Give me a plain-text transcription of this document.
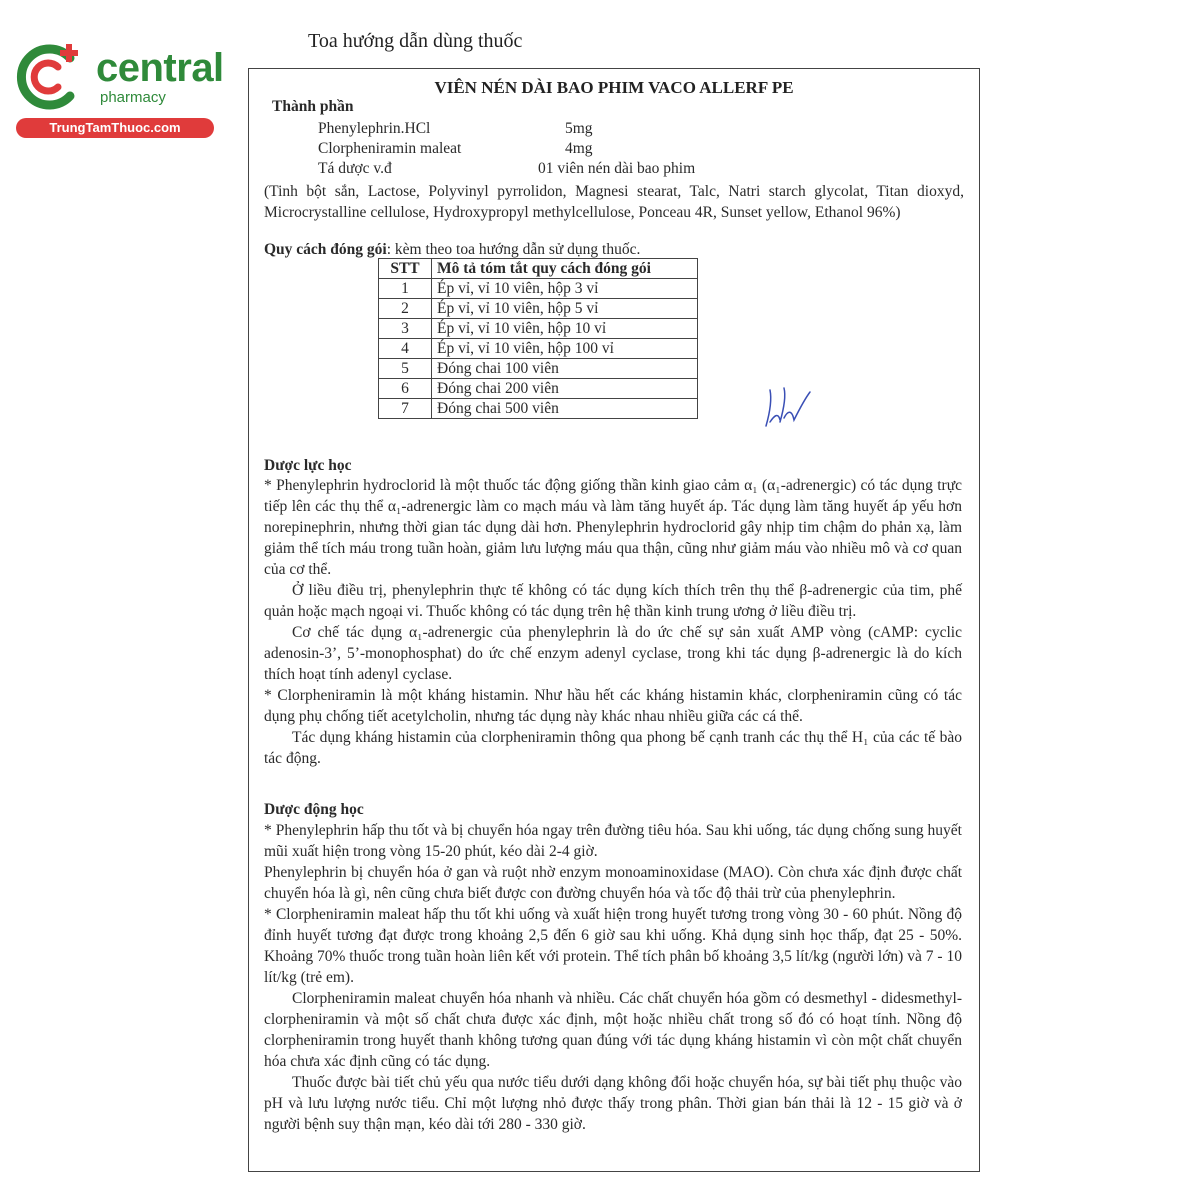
central
pharmacy
TrungTamThuoc.com
Toa hướng dẫn dùng thuốc
VIÊN NÉN DÀI BAO PHIM VACO ALLERF PE
Thành phần
Phenylephrin.HCl	5mg
Clorpheniramin maleat	4mg
Tá dược v.đ	01 viên nén dài bao phim
(Tinh bột sắn, Lactose, Polyvinyl pyrrolidon, Magnesi stearat, Talc, Natri starch glycolat, Titan dioxyd, Microcrystalline cellulose, Hydroxypropyl methylcellulose, Ponceau 4R, Sunset yellow, Ethanol 96%)
Quy cách đóng gói: kèm theo toa hướng dẫn sử dụng thuốc.
STT	Mô tả tóm tắt quy cách đóng gói
1	Ép vỉ, vỉ 10 viên, hộp 3 vỉ
2	Ép vỉ, vỉ 10 viên, hộp 5 vỉ
3	Ép vỉ, vỉ 10 viên, hộp 10 vỉ
4	Ép vỉ, vỉ 10 viên, hộp 100 vỉ
5	Đóng chai 100 viên
6	Đóng chai 200 viên
7	Đóng chai 500 viên
Dược lực học
* Phenylephrin hydroclorid là một thuốc tác động giống thần kinh giao cảm α₁ (α₁-adrenergic) có tác dụng trực tiếp lên các thụ thể α₁-adrenergic làm co mạch máu và làm tăng huyết áp. Tác dụng làm tăng huyết áp yếu hơn norepinephrin, nhưng thời gian tác dụng dài hơn. Phenylephrin hydroclorid gây nhịp tim chậm do phản xạ, làm giảm thể tích máu trong tuần hoàn, giảm lưu lượng máu qua thận, cũng như giảm máu vào nhiều mô và cơ quan của cơ thể.
Ở liều điều trị, phenylephrin thực tế không có tác dụng kích thích trên thụ thể β-adrenergic của tim, phế quản hoặc mạch ngoại vi. Thuốc không có tác dụng trên hệ thần kinh trung ương ở liều điều trị.
Cơ chế tác dụng α₁-adrenergic của phenylephrin là do ức chế sự sản xuất AMP vòng (cAMP: cyclic adenosin-3’, 5’-monophosphat) do ức chế enzym adenyl cyclase, trong khi tác dụng β-adrenergic là do kích thích hoạt tính adenyl cyclase.
* Clorpheniramin là một kháng histamin. Như hầu hết các kháng histamin khác, clorpheniramin cũng có tác dụng phụ chống tiết acetylcholin, nhưng tác dụng này khác nhau nhiều giữa các cá thể.
Tác dụng kháng histamin của clorpheniramin thông qua phong bế cạnh tranh các thụ thể H₁ của các tế bào tác động.
Dược động học
* Phenylephrin hấp thu tốt và bị chuyển hóa ngay trên đường tiêu hóa. Sau khi uống, tác dụng chống sung huyết mũi xuất hiện trong vòng 15-20 phút, kéo dài 2-4 giờ.
Phenylephrin bị chuyển hóa ở gan và ruột nhờ enzym monoaminoxidase (MAO). Còn chưa xác định được chất chuyển hóa là gì, nên cũng chưa biết được con đường chuyển hóa và tốc độ thải trừ của phenylephrin.
* Clorpheniramin maleat hấp thu tốt khi uống và xuất hiện trong huyết tương trong vòng 30 - 60 phút. Nồng độ đỉnh huyết tương đạt được trong khoảng 2,5 đến 6 giờ sau khi uống. Khả dụng sinh học thấp, đạt 25 - 50%. Khoảng 70% thuốc trong tuần hoàn liên kết với protein. Thể tích phân bố khoảng 3,5 lít/kg (người lớn) và 7 - 10 lít/kg (trẻ em).
Clorpheniramin maleat chuyển hóa nhanh và nhiều. Các chất chuyển hóa gồm có desmethyl - didesmethyl- clorpheniramin và một số chất chưa được xác định, một hoặc nhiều chất trong số đó có hoạt tính. Nồng độ clorpheniramin trong huyết thanh không tương quan đúng với tác dụng kháng histamin vì còn một chất chuyển hóa chưa xác định cũng có tác dụng.
Thuốc được bài tiết chủ yếu qua nước tiểu dưới dạng không đổi hoặc chuyển hóa, sự bài tiết phụ thuộc vào pH và lưu lượng nước tiểu. Chỉ một lượng nhỏ được thấy trong phân. Thời gian bán thải là 12 - 15 giờ và ở người bệnh suy thận mạn, kéo dài tới 280 - 330 giờ.
